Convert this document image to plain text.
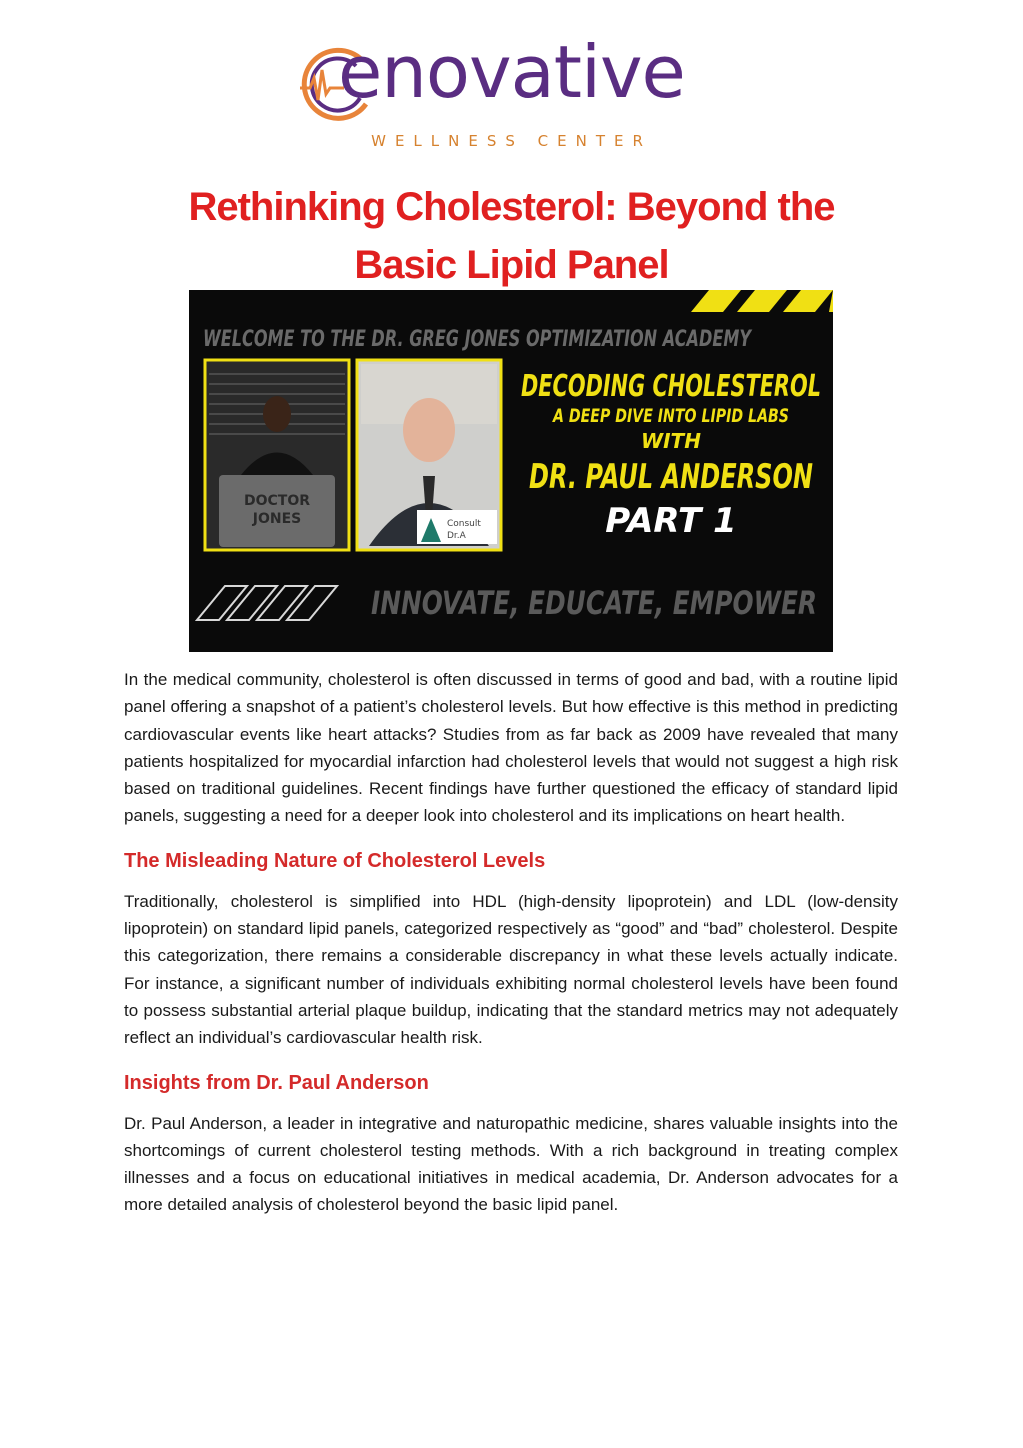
enovative
WELLNESS CENTER
Rethinking Cholesterol: Beyond the
Basic Lipid Panel
WELCOME TO THE DR. GREG JONES OPTIMIZATION ACADEMY
DOCTOR
JONES	Consult
Dr.A
DECODING CHOLESTEROL
A DEEP DIVE INTO LIPID LABS
WITH
DR. PAUL ANDERSON
PART 1
INNOVATE, EDUCATE, EMPOWER

In the medical community, cholesterol is often discussed in terms of good and bad, with a routine lipid panel offering a snapshot of a patient’s cholesterol levels. But how effective is this method in predicting cardiovascular events like heart attacks? Studies from as far back as 2009 have revealed that many patients hospitalized for myocardial infarction had cholesterol levels that would not suggest a high risk based on traditional guidelines. Recent findings have further questioned the efficacy of standard lipid panels, suggesting a need for a deeper look into cholesterol and its implications on heart health.

The Misleading Nature of Cholesterol Levels

Traditionally, cholesterol is simplified into HDL (high-density lipoprotein) and LDL (low-density lipoprotein) on standard lipid panels, categorized respectively as “good” and “bad” cholesterol. Despite this categorization, there remains a considerable discrepancy in what these levels actually indicate. For instance, a significant number of individuals exhibiting normal cholesterol levels have been found to possess substantial arterial plaque buildup, indicating that the standard metrics may not adequately reflect an individual’s cardiovascular health risk.

Insights from Dr. Paul Anderson

Dr. Paul Anderson, a leader in integrative and naturopathic medicine, shares valuable insights into the shortcomings of current cholesterol testing methods. With a rich background in treating complex illnesses and a focus on educational initiatives in medical academia, Dr. Anderson advocates for a more detailed analysis of cholesterol beyond the basic lipid panel.
